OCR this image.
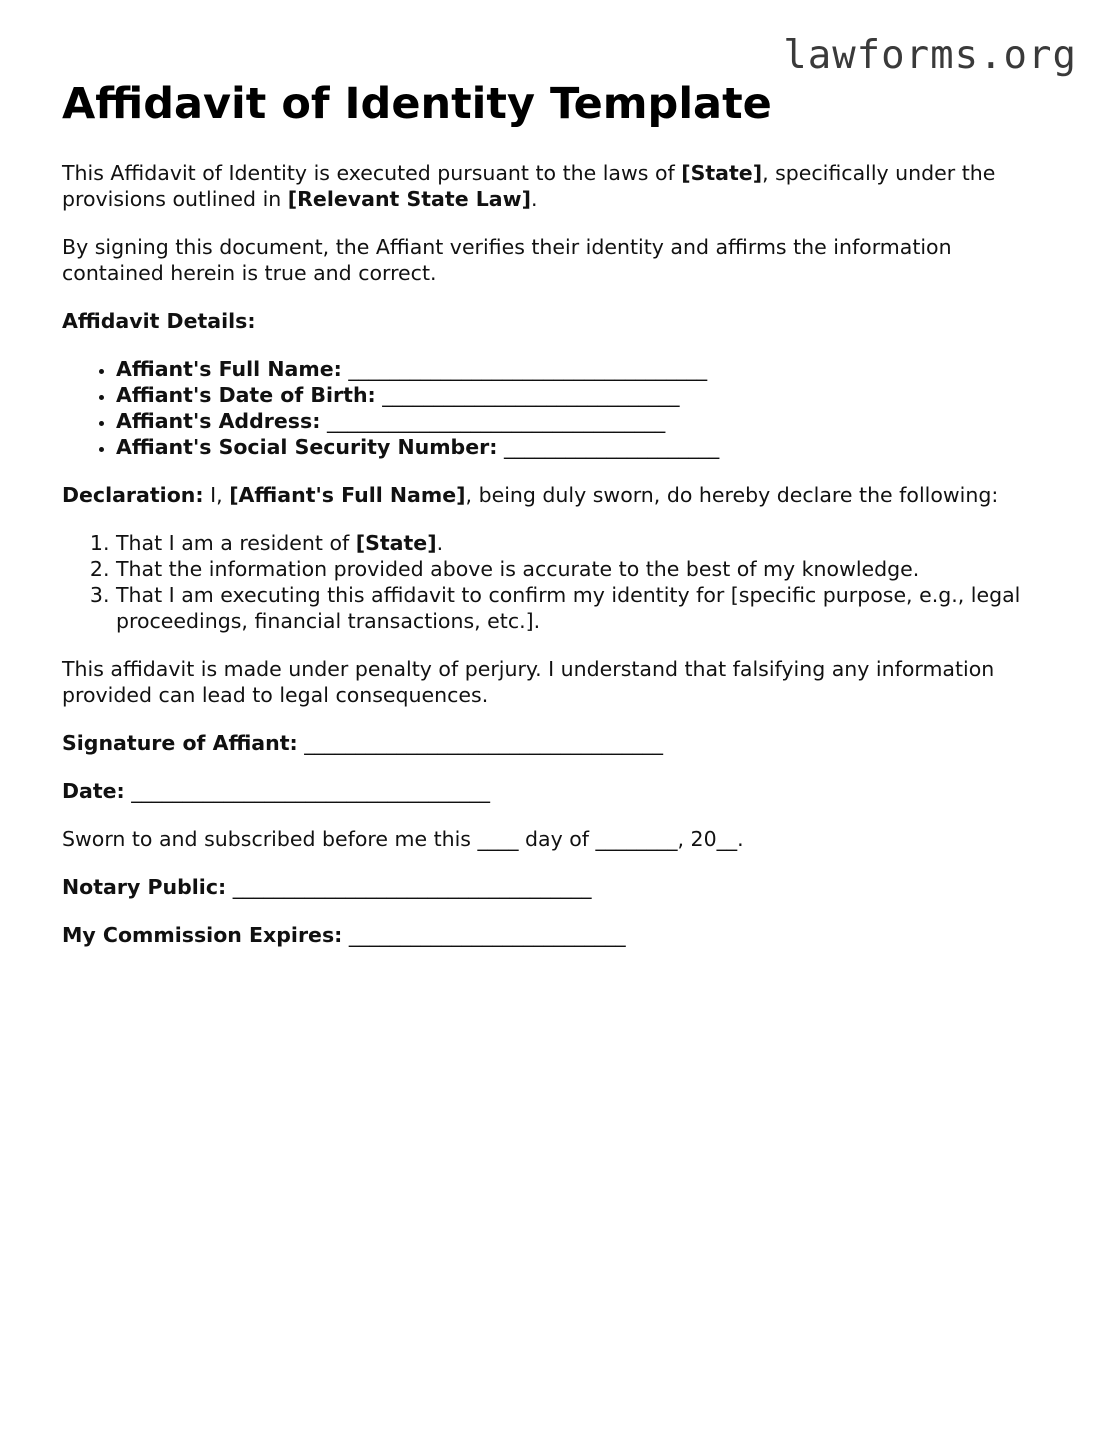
lawforms.org
Affidavit of Identity Template

This Affidavit of Identity is executed pursuant to the laws of [State], specifically under the provisions outlined in [Relevant State Law].

By signing this document, the Affiant verifies their identity and affirms the information contained herein is true and correct.

Affidavit Details:

• Affiant's Full Name: ___________________________________
• Affiant's Date of Birth: _____________________________
• Affiant's Address: _________________________________
• Affiant's Social Security Number: _____________________

Declaration: I, [Affiant's Full Name], being duly sworn, do hereby declare the following:

1. That I am a resident of [State].
2. That the information provided above is accurate to the best of my knowledge.
3. That I am executing this affidavit to confirm my identity for [specific purpose, e.g., legal proceedings, financial transactions, etc.].

This affidavit is made under penalty of perjury. I understand that falsifying any information provided can lead to legal consequences.

Signature of Affiant: ___________________________________

Date: ___________________________________

Sworn to and subscribed before me this ____ day of ________, 20__.

Notary Public: ___________________________________

My Commission Expires: ___________________________
